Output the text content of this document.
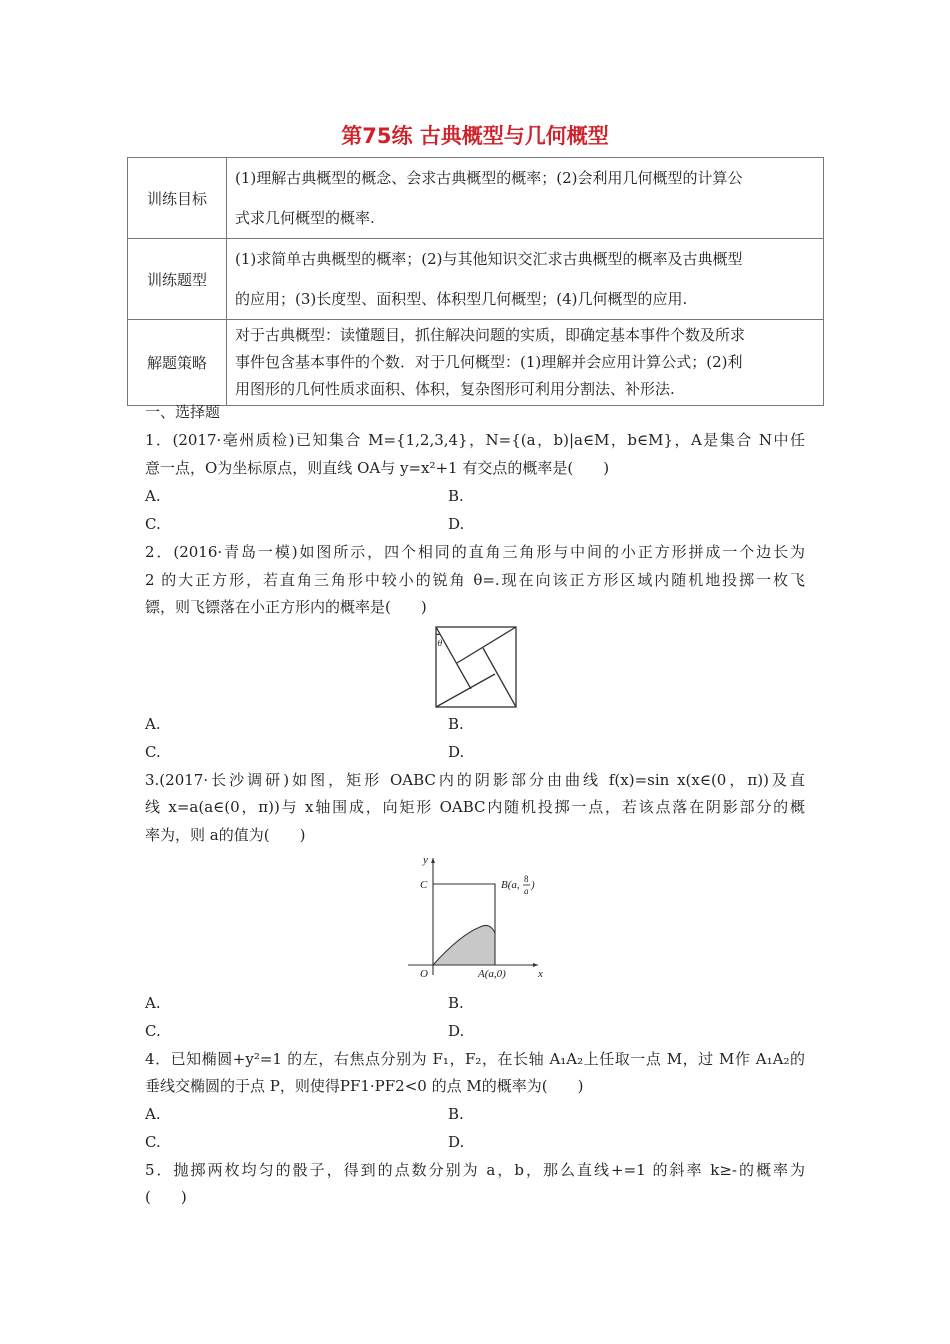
第75练 古典概型与几何概型
训练目标	(1)理解古典概型的概念、会求古典概型的概率；(2)会利用几何概型的计算公
式求几何概型的概率.

训练题型	(1)求简单古典概型的概率；(2)与其他知识交汇求古典概型的概率及古典概型
的应用；(3)长度型、面积型、体积型几何概型；(4)几何概型的应用.

解题策略	对于古典概型：读懂题目，抓住解决问题的实质，即确定基本事件个数及所求
事件包含基本事件的个数．对于几何概型：(1)理解并会应用计算公式；(2)利
用图形的几何性质求面积、体积，复杂图形可利用分割法、补形法.
一、选择题
1．(2017·亳州质检)已知集合 M={1,2,3,4}，N={(a，b)|a∈M，b∈M}，A是集合 N中任
意一点，O为坐标原点，则直线 OA与 y=x²+1 有交点的概率是(　　)
A.	B.
C.	D.
2．(2016·青岛一模)如图所示，四个相同的直角三角形与中间的小正方形拼成一个边长为
2 的大正方形，若直角三角形中较小的锐角 θ=.现在向该正方形区域内随机地投掷一枚飞
镖，则飞镖落在小正方形内的概率是(　　)
θ
A.	B.
C.	D.
3.(2017·长沙调研)如图，矩形 OABC内的阴影部分由曲线 f(x)=sin x(x∈(0，π))及直
线 x=a(a∈(0，π))与 x轴围成，向矩形 OABC内随机投掷一点，若该点落在阴影部分的概
率为，则 a的值为(　　)
y
C
O	x
A(a,0)
B(a, 8
a )
A.	B.
C.	D.
4．已知椭圆+y²=1 的左，右焦点分别为 F₁，F₂，在长轴 A₁A₂上任取一点 M，过 M作 A₁A₂的
垂线交椭圆的于点 P，则使得PF1·PF2<0 的点 M的概率为(　　)
A.	B.
C.	D.
5．抛掷两枚均匀的骰子，得到的点数分别为 a，b，那么直线+=1 的斜率 k≥-的概率为
(　　)
